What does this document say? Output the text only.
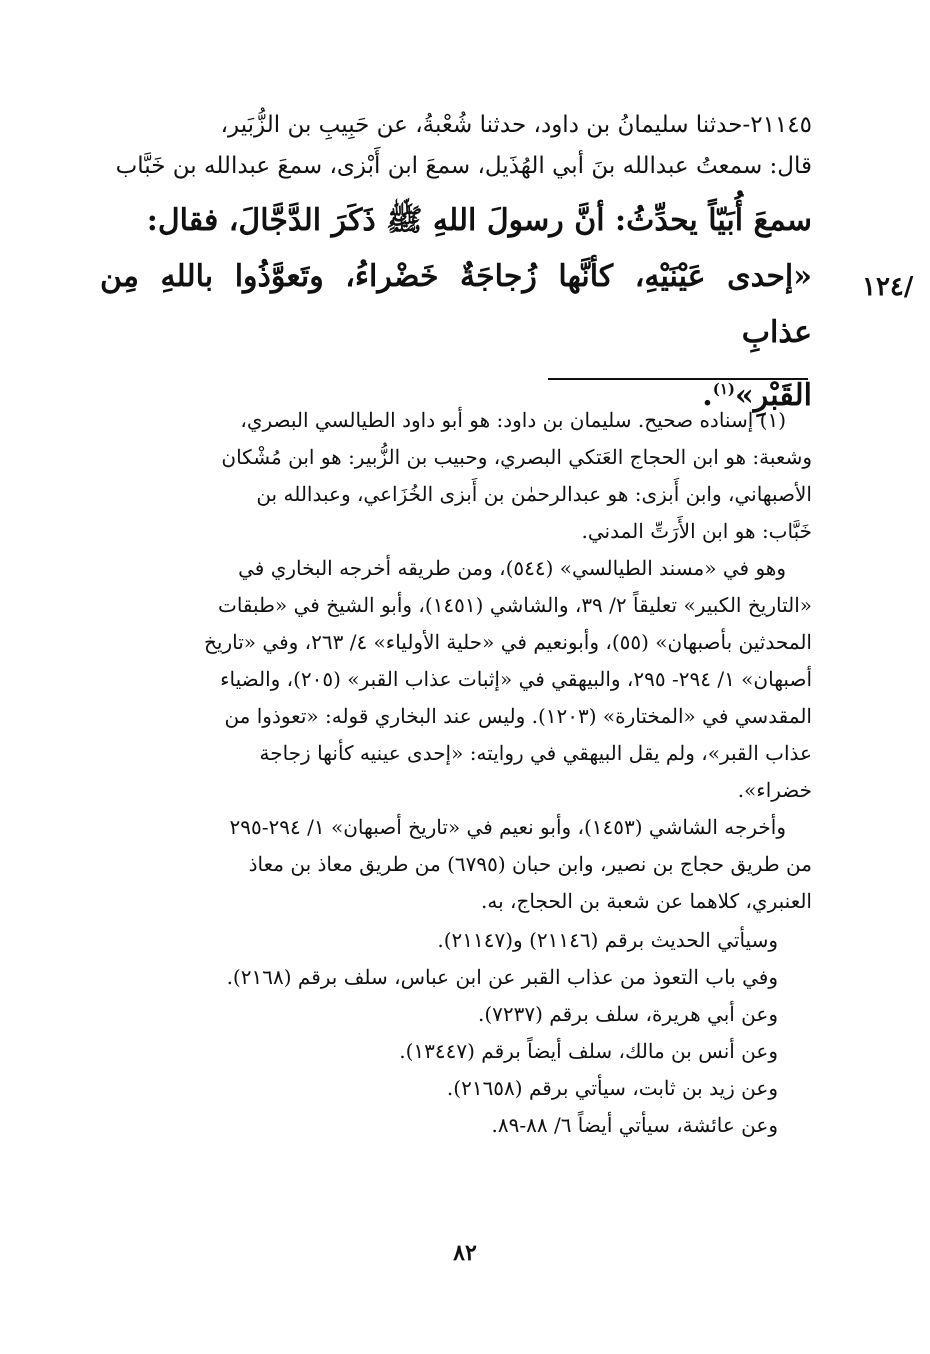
/١٢٤

٢١١٤٥-حدثنا سليمانُ بن داود، حدثنا شُعْبةُ، عن حَبِيبِ بن الزُّبَير،

قال: سمعتُ عبدالله بنَ أبي الهُذَيل، سمعَ ابن أَبْزى، سمعَ عبدالله بن خَبَّاب

سمعَ أُبَيّاً يحدِّثُ: أنَّ رسولَ اللهِ ﷺ ذَكَرَ الدَّجَّالَ، فقال:

«إحدى عَيْنَيْهِ، كأنَّها زُجاجَةٌ خَضْراءُ، وتَعوَّذُوا باللهِ مِن عذابِ

القَبْرِ»$^{(١)}$.

(١) إسناده صحيح. سليمان بن داود: هو أبو داود الطيالسي البصري،

وشعبة: هو ابن الحجاج العَتكي البصري، وحبيب بن الزُّبير: هو ابن مُشْكان

الأصبهاني، وابن أَبزى: هو عبدالرحمٰن بن أَبزى الخُزَاعي، وعبدالله بن

خَبَّاب: هو ابن الأَرَتِّ المدني.

وهو في «مسند الطيالسي» (٥٤٤)، ومن طريقه أخرجه البخاري في

«التاريخ الكبير» تعليقاً ٢/ ٣٩، والشاشي (١٤٥١)، وأبو الشيخ في «طبقات

المحدثين بأصبهان» (٥٥)، وأبونعيم في «حلية الأولياء» ٤/ ٢٦٣، وفي «تاريخ

أصبهان» ١/ ٢٩٤- ٢٩٥، والبيهقي في «إثبات عذاب القبر» (٢٠٥)، والضياء

المقدسي في «المختارة» (١٢٠٣). وليس عند البخاري قوله: «تعوذوا من

عذاب القبر»، ولم يقل البيهقي في روايته: «إحدى عينيه كأنها زجاجة

خضراء».

وأخرجه الشاشي (١٤٥٣)، وأبو نعيم في «تاريخ أصبهان» ١/ ٢٩٤-٢٩٥

من طريق حجاج بن نصير، وابن حبان (٦٧٩٥) من طريق معاذ بن معاذ

العنبري، كلاهما عن شعبة بن الحجاج، به.

وسيأتي الحديث برقم (٢١١٤٦) و(٢١١٤٧).

وفي باب التعوذ من عذاب القبر عن ابن عباس، سلف برقم (٢١٦٨).

وعن أبي هريرة، سلف برقم (٧٢٣٧).

وعن أنس بن مالك، سلف أيضاً برقم (١٣٤٤٧).

وعن زيد بن ثابت، سيأتي برقم (٢١٦٥٨).

وعن عائشة، سيأتي أيضاً ٦/ ٨٨-٨٩.

٨٢
